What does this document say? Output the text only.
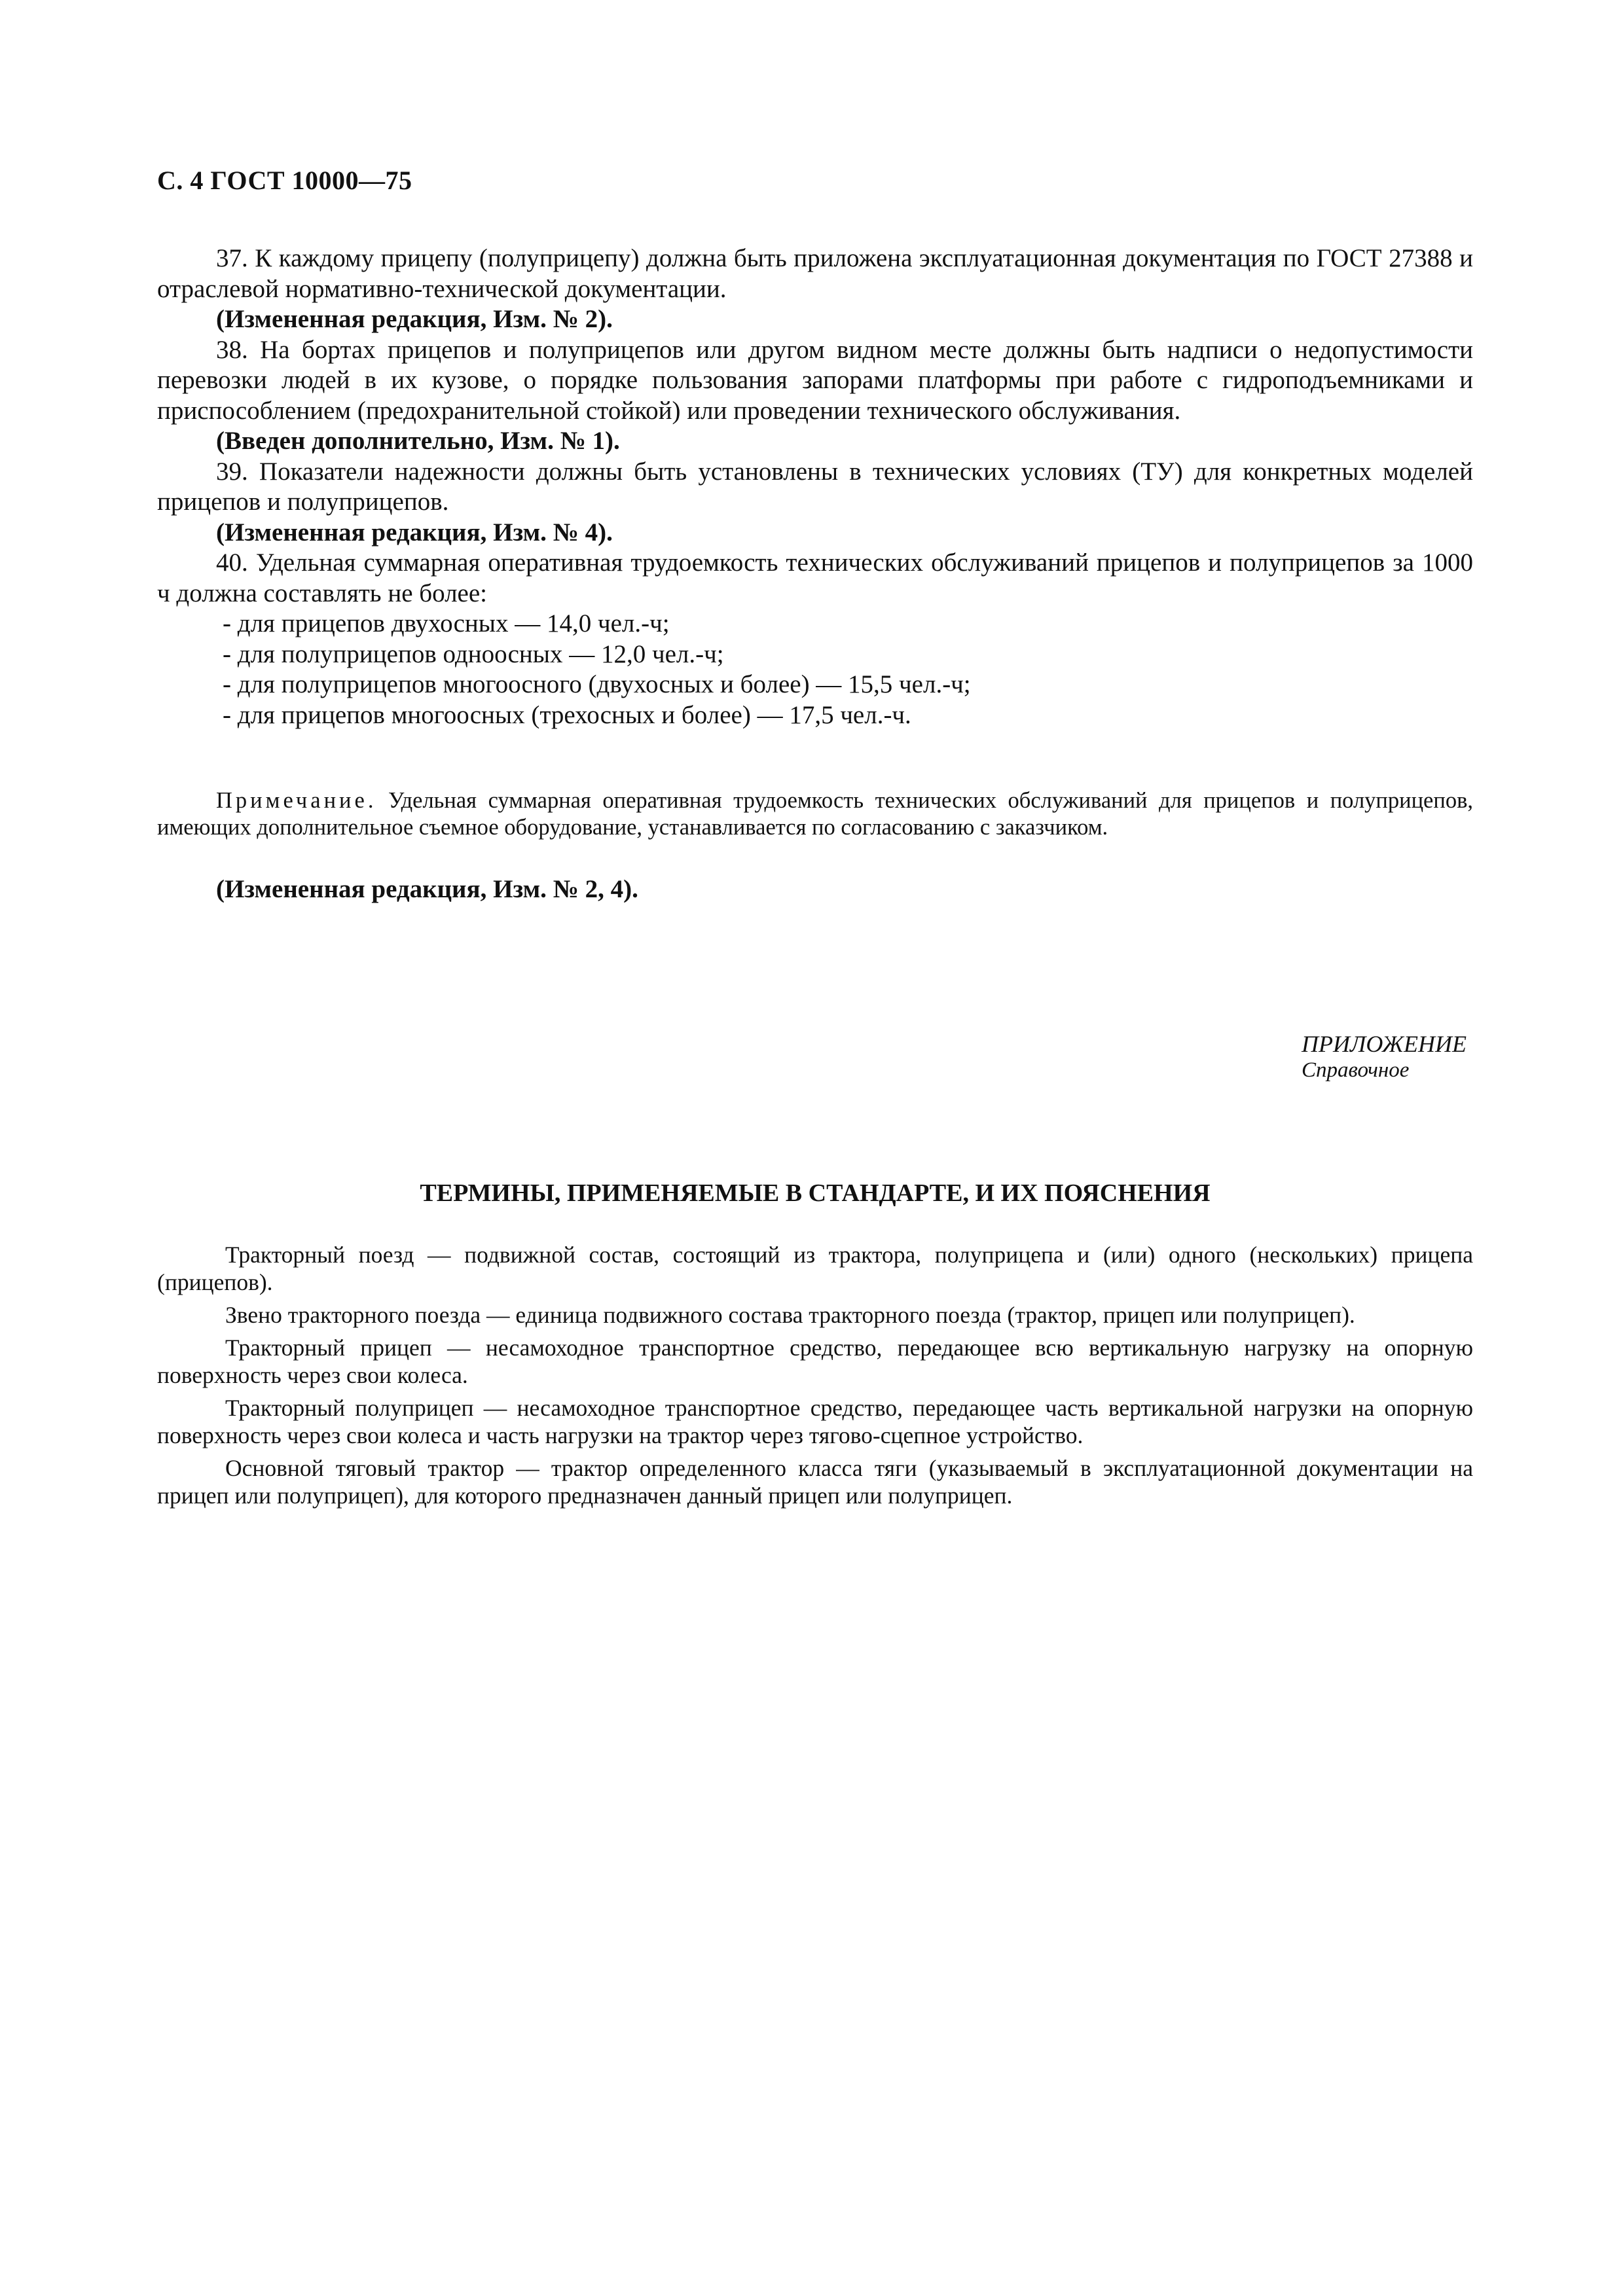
С. 4 ГОСТ 10000—75

37. К каждому прицепу (полуприцепу) должна быть приложена эксплуатационная документация по ГОСТ 27388 и отраслевой нормативно-технической документации.

(Измененная редакция, Изм. № 2).

38. На бортах прицепов и полуприцепов или другом видном месте должны быть надписи о недопустимости перевозки людей в их кузове, о порядке пользования запорами платформы при работе с гидроподъемниками и приспособлением (предохранительной стойкой) или проведении технического обслуживания.

(Введен дополнительно, Изм. № 1).

39. Показатели надежности должны быть установлены в технических условиях (ТУ) для конкретных моделей прицепов и полуприцепов.

(Измененная редакция, Изм. № 4).

40. Удельная суммарная оперативная трудоемкость технических обслуживаний прицепов и полуприцепов за 1000 ч должна составлять не более:

- для прицепов двухосных — 14,0 чел.-ч;

- для полуприцепов одноосных — 12,0 чел.-ч;

- для полуприцепов многоосного (двухосных и более) — 15,5 чел.-ч;

- для прицепов многоосных (трехосных и более) — 17,5 чел.-ч.

Примечание. Удельная суммарная оперативная трудоемкость технических обслуживаний для прицепов и полуприцепов, имеющих дополнительное съемное оборудование, устанавливается по согласованию с заказчиком.

(Измененная редакция, Изм. № 2, 4).

ПРИЛОЖЕНИЕ
Справочное
ТЕРМИНЫ, ПРИМЕНЯЕМЫЕ В СТАНДАРТЕ, И ИХ ПОЯСНЕНИЯ

Тракторный поезд — подвижной состав, состоящий из трактора, полуприцепа и (или) одного (нескольких) прицепа (прицепов).

Звено тракторного поезда — единица подвижного состава тракторного поезда (трактор, прицеп или полуприцеп).

Тракторный прицеп — несамоходное транспортное средство, передающее всю вертикальную нагрузку на опорную поверхность через свои колеса.

Тракторный полуприцеп — несамоходное транспортное средство, передающее часть вертикальной нагрузки на опорную поверхность через свои колеса и часть нагрузки на трактор через тягово-сцепное устройство.

Основной тяговый трактор — трактор определенного класса тяги (указываемый в эксплуатационной документации на прицеп или полуприцеп), для которого предназначен данный прицеп или полуприцеп.
